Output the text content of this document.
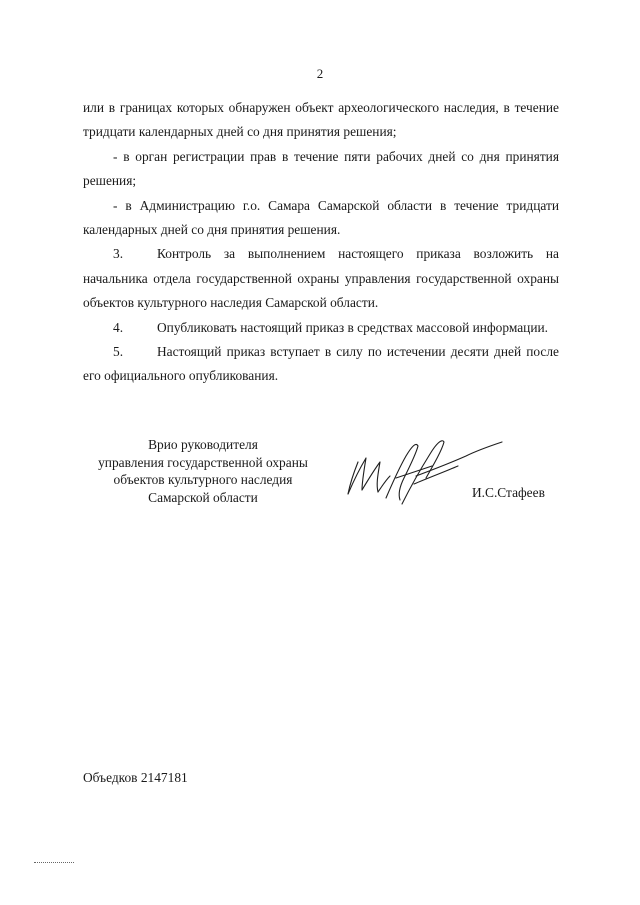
2

или в границах которых обнаружен объект археологического наследия, в течение тридцати календарных дней со дня принятия решения;

- в орган регистрации прав в течение пяти рабочих дней со дня принятия решения;

- в Администрацию г.о. Самара Самарской области в течение тридцати календарных дней со дня принятия решения.

3.	Контроль за выполнением настоящего приказа возложить на начальника отдела государственной охраны управления государственной охраны объектов культурного наследия Самарской области.

4.	Опубликовать настоящий приказ в средствах массовой информации.

5.	Настоящий приказ вступает в силу по истечении десяти дней после его официального опубликования.

Врио руководителя
управления государственной охраны
объектов культурного наследия
Самарской области	И.С.Стафеев
Объедков 2147181
